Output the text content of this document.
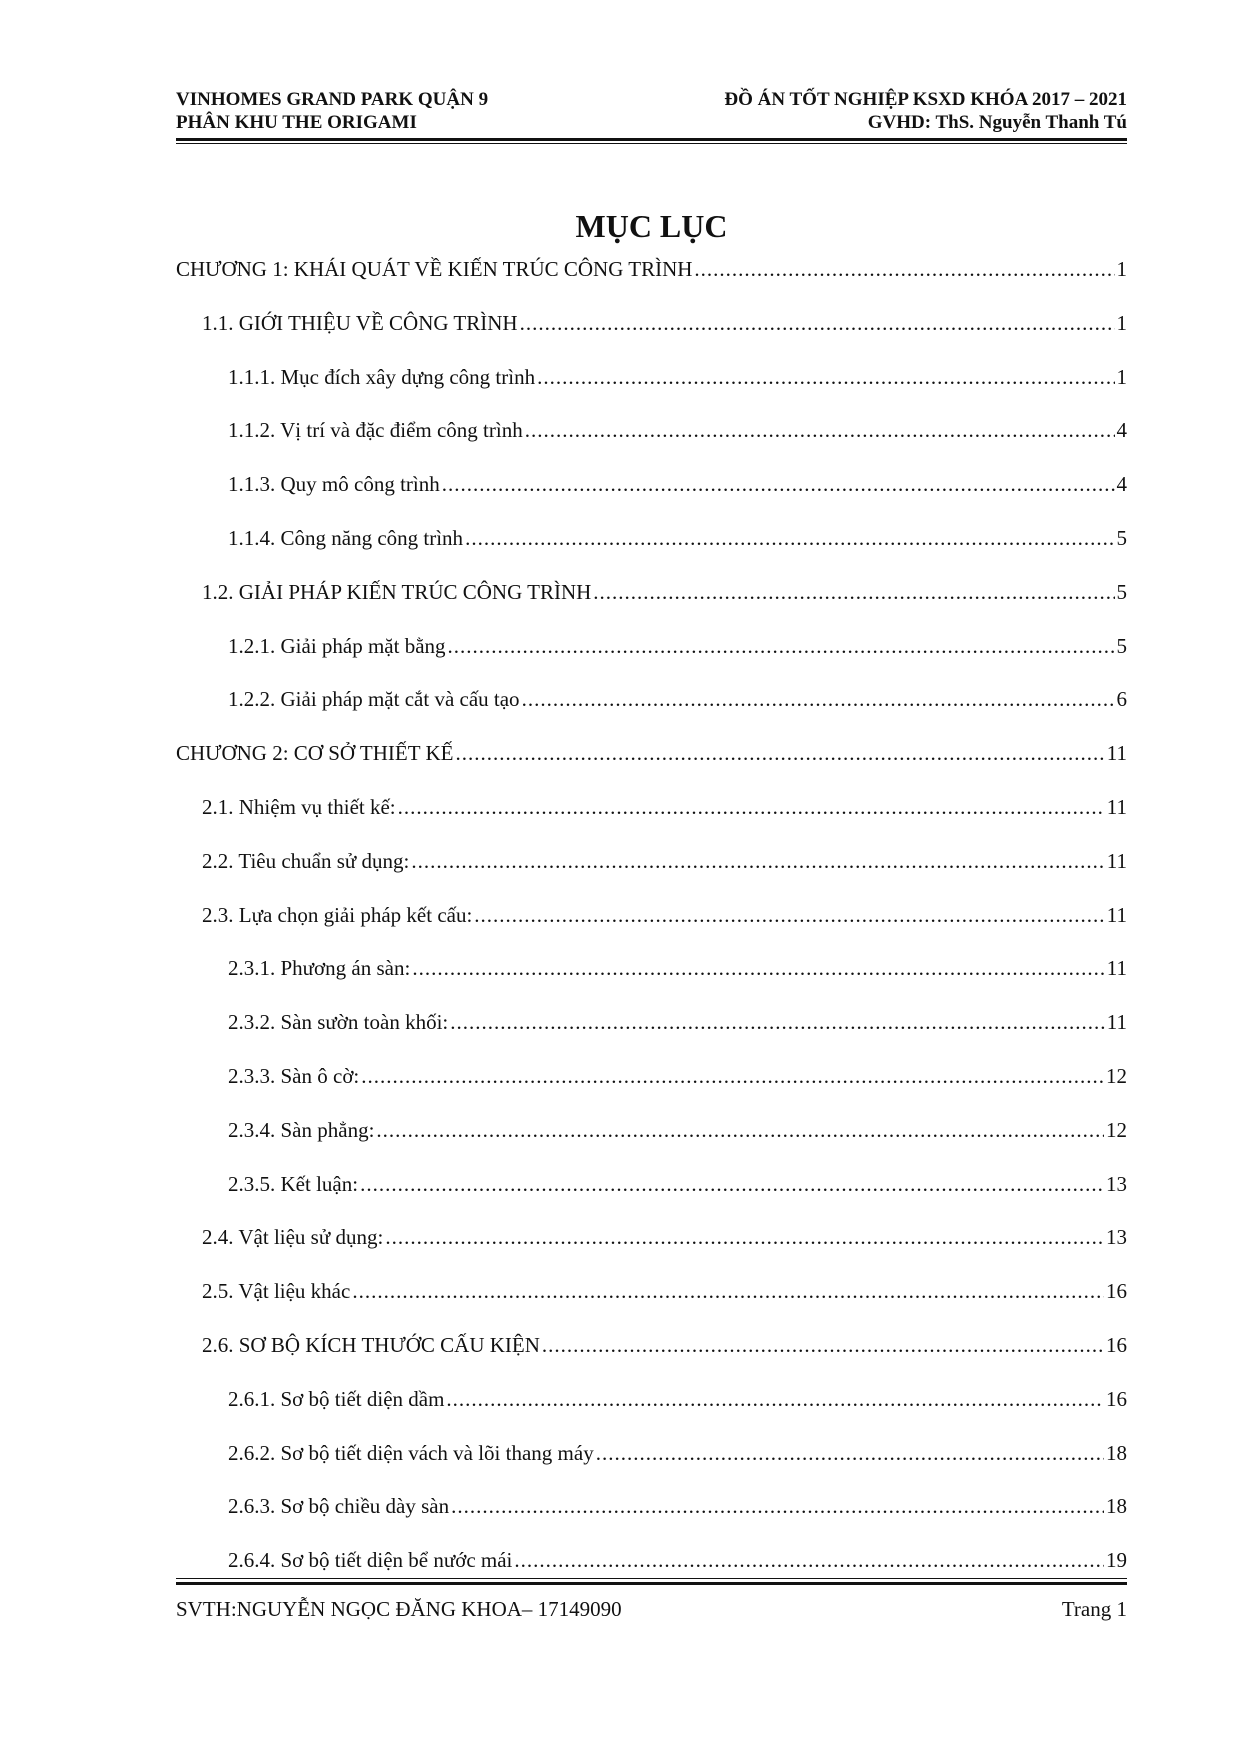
VINHOMES GRAND PARK QUẬN 9	ĐỒ ÁN TỐT NGHIỆP KSXD KHÓA 2017 – 2021
PHÂN KHU THE ORIGAMI	GVHD: ThS. Nguyễn Thanh Tú
MỤC LỤC
CHƯƠNG 1: KHÁI QUÁT VỀ KIẾN TRÚC CÔNG TRÌNH .....	1
1.1. GIỚI THIỆU VỀ CÔNG TRÌNH .....	1
1.1.1. Mục đích xây dựng công trình .....	1
1.1.2. Vị trí và đặc điểm công trình .....	4
1.1.3. Quy mô công trình .....	4
1.1.4. Công năng công trình .....	5
1.2. GIẢI PHÁP KIẾN TRÚC CÔNG TRÌNH .....	5
1.2.1. Giải pháp mặt bằng .....	5
1.2.2. Giải pháp mặt cắt và cấu tạo .....	6
CHƯƠNG 2: CƠ SỞ THIẾT KẾ .....	11
2.1. Nhiệm vụ thiết kế: .....	11
2.2. Tiêu chuẩn sử dụng: .....	11
2.3. Lựa chọn giải pháp kết cấu: .....	11
2.3.1. Phương án sàn: .....	11
2.3.2. Sàn sườn toàn khối: .....	11
2.3.3. Sàn ô cờ: .....	12
2.3.4. Sàn phẳng: .....	12
2.3.5. Kết luận: .....	13
2.4. Vật liệu sử dụng: .....	13
2.5. Vật liệu khác .....	16
2.6. SƠ BỘ KÍCH THƯỚC CẤU KIỆN .....	16
2.6.1. Sơ bộ tiết diện dầm .....	16
2.6.2. Sơ bộ tiết diện vách và lõi thang máy .....	18
2.6.3. Sơ bộ chiều dày sàn .....	18
2.6.4. Sơ bộ tiết diện bể nước mái .....	19
SVTH:NGUYỄN NGỌC ĐĂNG KHOA– 17149090	Trang 1
